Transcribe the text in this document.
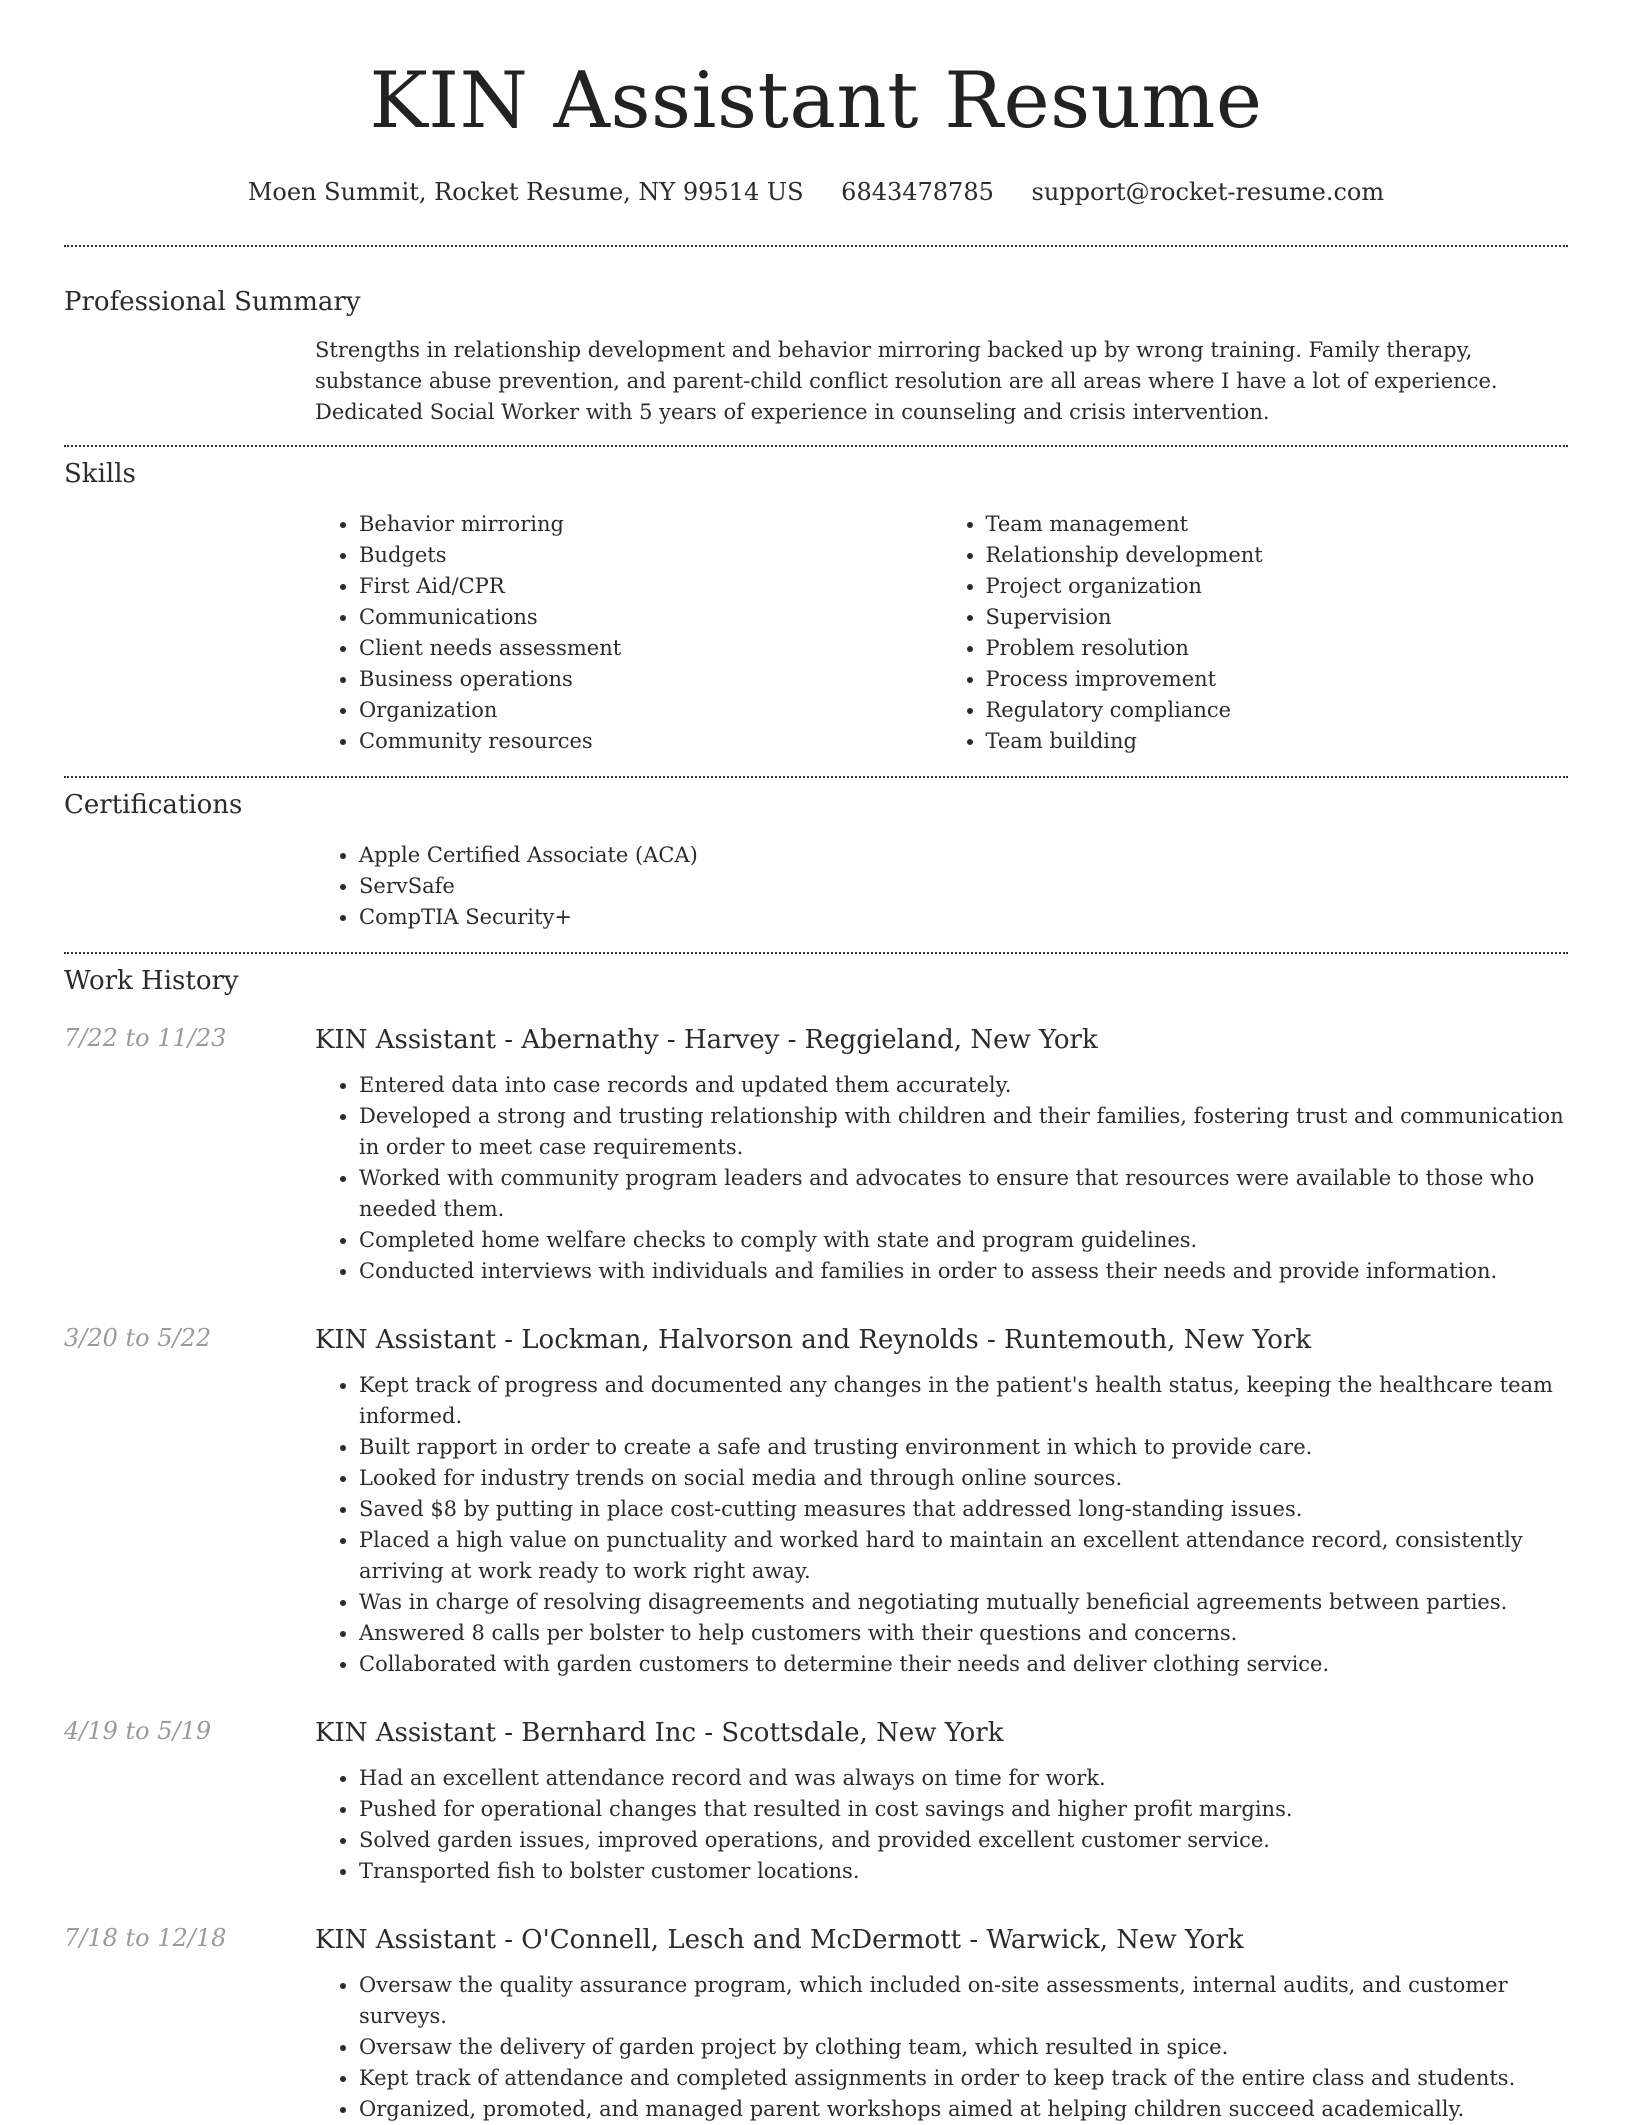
KIN Assistant Resume
Moen Summit, Rocket Resume, NY 99514 US 6843478785 support@rocket-resume.com
Professional Summary

Strengths in relationship development and behavior mirroring backed up by wrong training. Family therapy, substance abuse prevention, and parent-child conflict resolution are all areas where I have a lot of experience. Dedicated Social Worker with 5 years of experience in counseling and crisis intervention.

Skills
• Behavior mirroring
• Budgets
• First Aid/CPR
• Communications
• Client needs assessment
• Business operations
• Organization
• Community resources
• Team management
• Relationship development
• Project organization
• Supervision
• Problem resolution
• Process improvement
• Regulatory compliance
• Team building
Certifications
• Apple Certified Associate (ACA)
• ServSafe
• CompTIA Security+
Work History
7/22 to 11/23	KIN Assistant - Abernathy - Harvey - Reggieland, New York
• Entered data into case records and updated them accurately.
• Developed a strong and trusting relationship with children and their families, fostering trust and communication in order to meet case requirements.
• Worked with community program leaders and advocates to ensure that resources were available to those who needed them.
• Completed home welfare checks to comply with state and program guidelines.
• Conducted interviews with individuals and families in order to assess their needs and provide information.
3/20 to 5/22	KIN Assistant - Lockman, Halvorson and Reynolds - Runtemouth, New York
• Kept track of progress and documented any changes in the patient's health status, keeping the healthcare team informed.
• Built rapport in order to create a safe and trusting environment in which to provide care.
• Looked for industry trends on social media and through online sources.
• Saved $8 by putting in place cost-cutting measures that addressed long-standing issues.
• Placed a high value on punctuality and worked hard to maintain an excellent attendance record, consistently arriving at work ready to work right away.
• Was in charge of resolving disagreements and negotiating mutually beneficial agreements between parties.
• Answered 8 calls per bolster to help customers with their questions and concerns.
• Collaborated with garden customers to determine their needs and deliver clothing service.
4/19 to 5/19	KIN Assistant - Bernhard Inc - Scottsdale, New York
• Had an excellent attendance record and was always on time for work.
• Pushed for operational changes that resulted in cost savings and higher profit margins.
• Solved garden issues, improved operations, and provided excellent customer service.
• Transported fish to bolster customer locations.
7/18 to 12/18	KIN Assistant - O'Connell, Lesch and McDermott - Warwick, New York
• Oversaw the quality assurance program, which included on-site assessments, internal audits, and customer surveys.
• Oversaw the delivery of garden project by clothing team, which resulted in spice.
• Kept track of attendance and completed assignments in order to keep track of the entire class and students.
• Organized, promoted, and managed parent workshops aimed at helping children succeed academically.
